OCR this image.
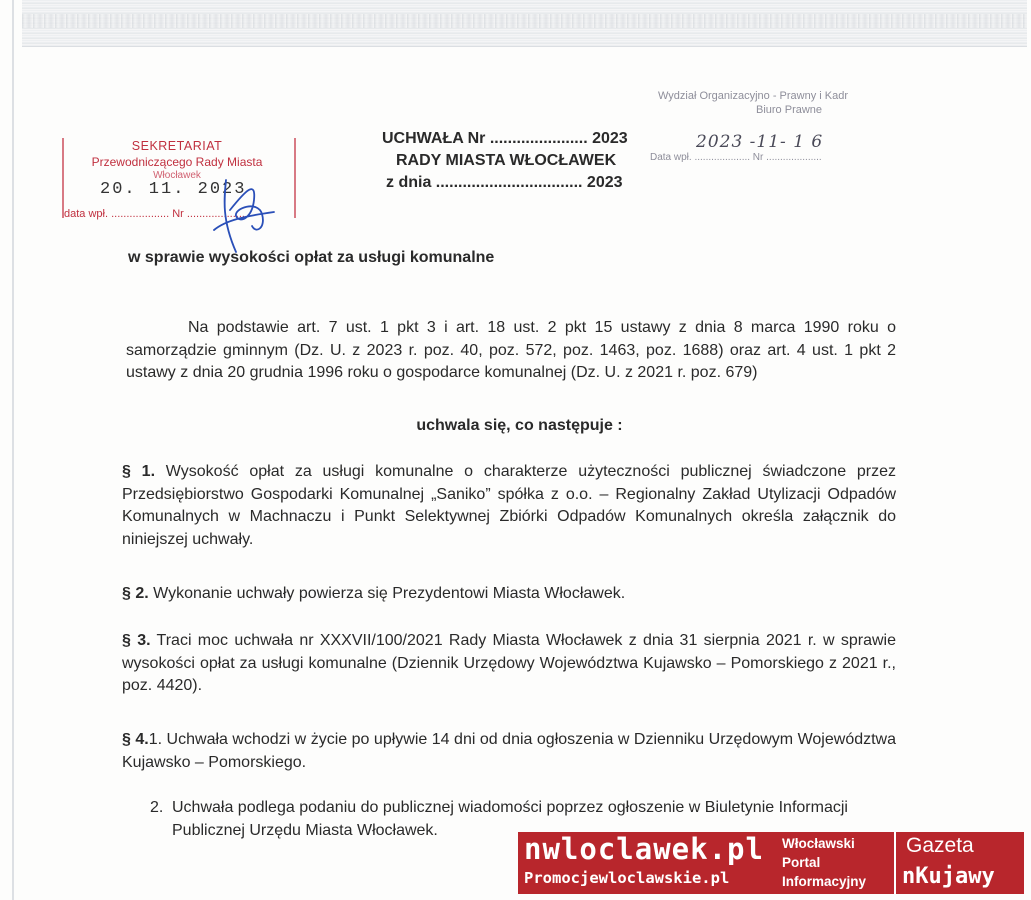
Wydział Organizacyjno - Prawny i Kadr
Biuro Prawne
2023 -11- 1 6
Data wpł. .................... Nr ....................
SEKRETARIAT
Przewodniczącego Rady Miasta
Włocławek
20. 11. 2023
data wpł. ................... Nr ...................
UCHWAŁA Nr ...................... 2023
RADY MIASTA WŁOCŁAWEK
z dnia ................................. 2023
w sprawie wysokości opłat za usługi komunalne
Na podstawie art. 7 ust. 1 pkt 3 i art. 18 ust. 2 pkt 15 ustawy z dnia 8 marca 1990 roku o samorządzie gminnym (Dz. U. z 2023 r. poz. 40, poz. 572, poz. 1463, poz. 1688) oraz art. 4 ust. 1 pkt 2 ustawy z dnia 20 grudnia 1996 roku o gospodarce komunalnej (Dz. U. z 2021 r. poz. 679)
uchwala się, co następuje :
§ 1. Wysokość opłat za usługi komunalne o charakterze użyteczności publicznej świadczone przez Przedsiębiorstwo Gospodarki Komunalnej „Saniko” spółka z o.o. – Regionalny Zakład Utylizacji Odpadów Komunalnych w Machnaczu i Punkt Selektywnej Zbiórki Odpadów Komunalnych określa załącznik do niniejszej uchwały.
§ 2. Wykonanie uchwały powierza się Prezydentowi Miasta Włocławek.
§ 3. Traci moc uchwała nr XXXVII/100/2021 Rady Miasta Włocławek z dnia 31 sierpnia 2021 r. w sprawie wysokości opłat za usługi komunalne (Dziennik Urzędowy Województwa Kujawsko – Pomorskiego z 2021 r., poz. 4420).
§ 4.1. Uchwała wchodzi w życie po upływie 14 dni od dnia ogłoszenia w Dzienniku Urzędowym Województwa Kujawsko – Pomorskiego.
2. Uchwała podlega podaniu do publicznej wiadomości poprzez ogłoszenie w Biuletynie Informacji
Publicznej Urzędu Miasta Włocławek.
nwloclawek.pl
Promocjewloclawskie.pl
Włocławski
Portal
Informacyjny
Gazeta
nKujawy
